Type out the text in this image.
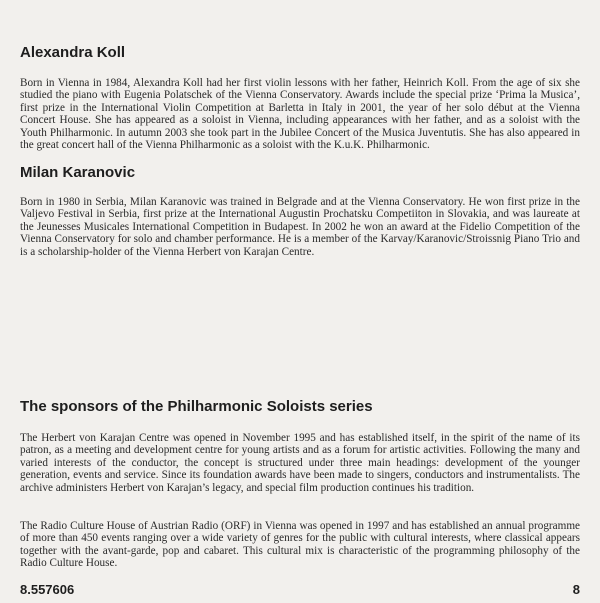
Alexandra Koll

Born in Vienna in 1984, Alexandra Koll had her first violin lessons with her father, Heinrich Koll. From the age of six she studied the piano with Eugenia Polatschek of the Vienna Conservatory. Awards include the special prize ‘Prima la Musica’, first prize in the International Violin Competition at Barletta in Italy in 2001, the year of her solo début at the Vienna Concert House. She has appeared as a soloist in Vienna, including appearances with her father, and as a soloist with the Youth Philharmonic. In autumn 2003 she took part in the Jubilee Concert of the Musica Juventutis. She has also appeared in the great concert hall of the Vienna Philharmonic as a soloist with the K.u.K. Philharmonic.

Milan Karanovic

Born in 1980 in Serbia, Milan Karanovic was trained in Belgrade and at the Vienna Conservatory. He won first prize in the Valjevo Festival in Serbia, first prize at the International Augustin Prochatsku Competiiton in Slovakia, and was laureate at the Jeunesses Musicales International Competition in Budapest. In 2002 he won an award at the Fidelio Competition of the Vienna Conservatory for solo and chamber performance. He is a member of the Karvay/Karanovic/Stroissnig Piano Trio and is a scholarship-holder of the Vienna Herbert von Karajan Centre.

The sponsors of the Philharmonic Soloists series

The Herbert von Karajan Centre was opened in November 1995 and has established itself, in the spirit of the name of its patron, as a meeting and development centre for young artists and as a forum for artistic activities. Following the many and varied interests of the conductor, the concept is structured under three main headings: development of the younger generation, events and service. Since its foundation awards have been made to singers, conductors and instrumentalists. The archive administers Herbert von Karajan’s legacy, and special film production continues his tradition.

The Radio Culture House of Austrian Radio (ORF) in Vienna was opened in 1997 and has established an annual programme of more than 450 events ranging over a wide variety of genres for the public with cultural interests, where classical appears together with the avant-garde, pop and cabaret. This cultural mix is characteristic of the programming philosophy of the Radio Culture House.

8.557606	8
